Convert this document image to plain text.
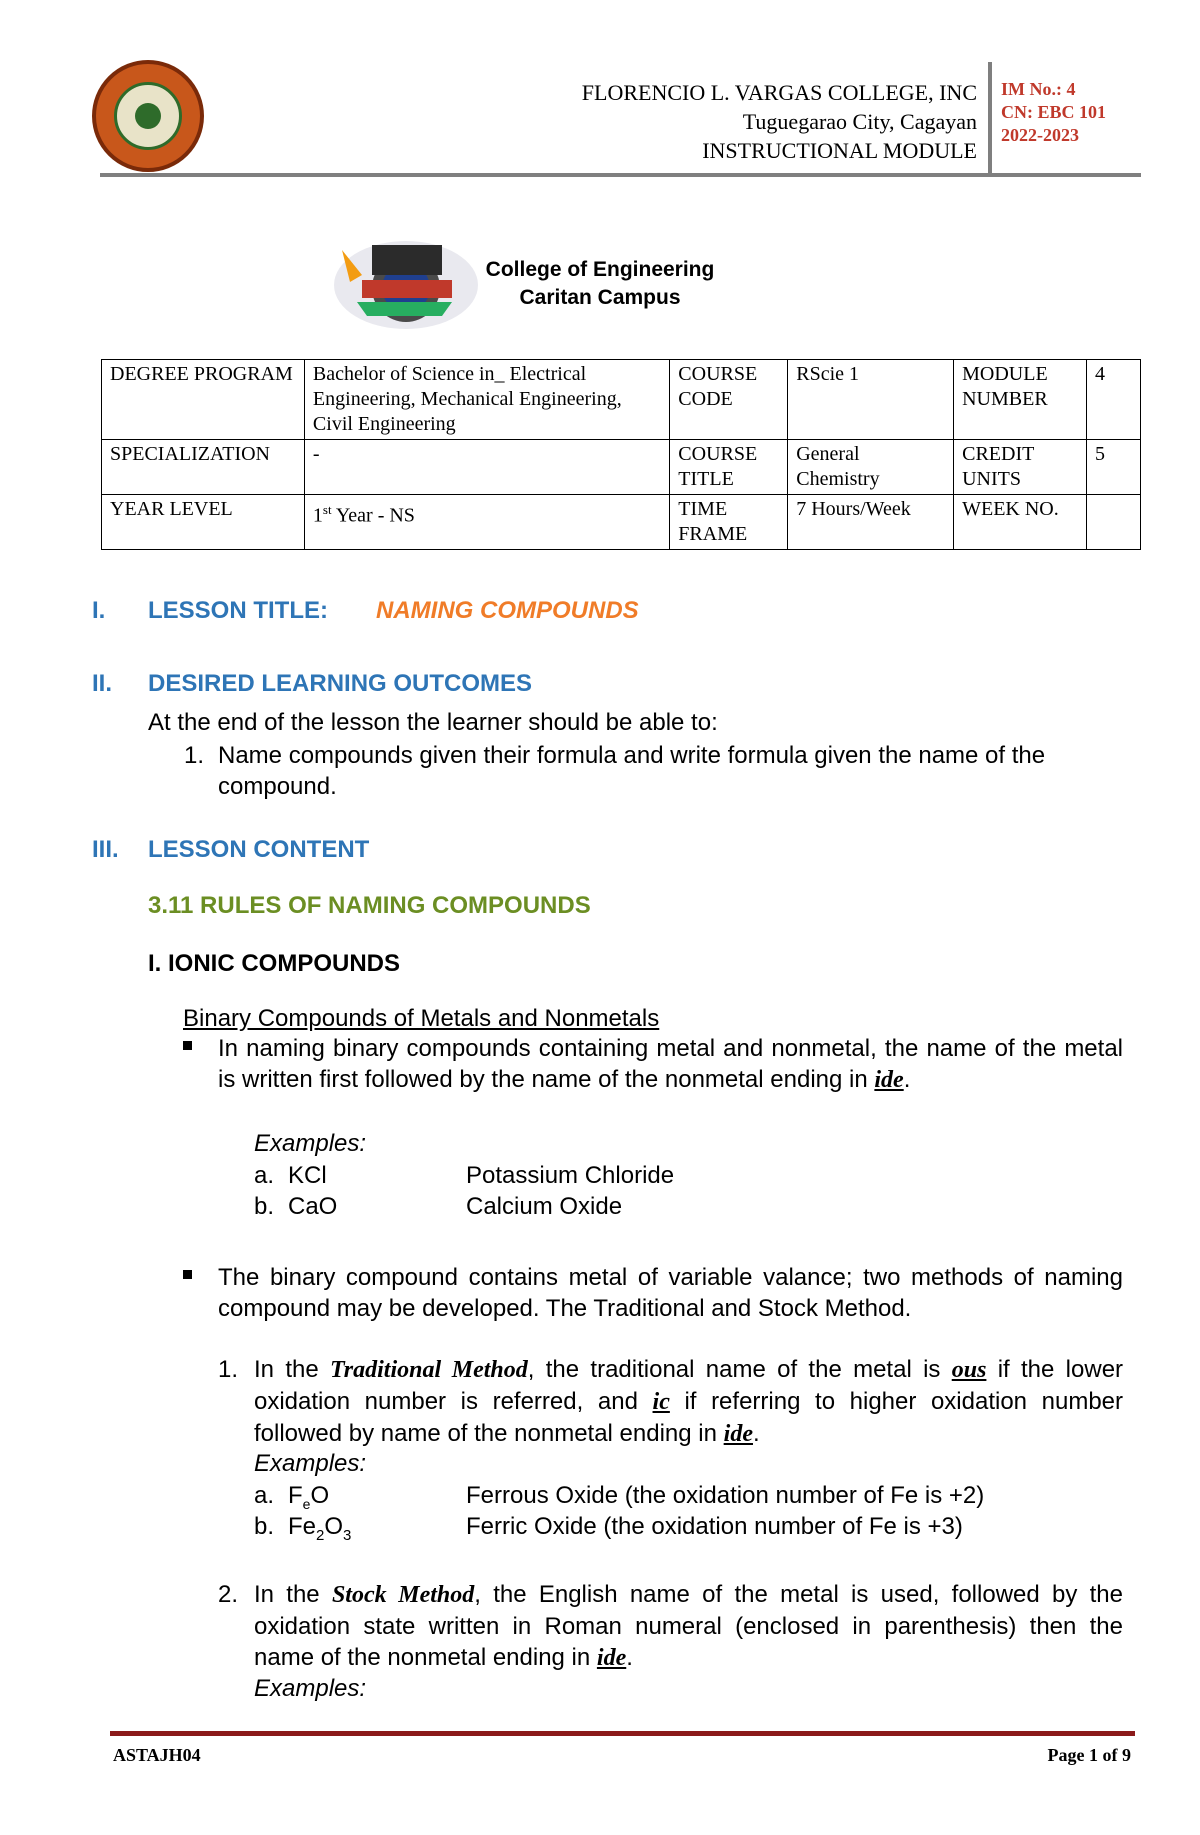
FLORENCIO L. VARGAS COLLEGE, INC
Tuguegarao City, Cagayan
INSTRUCTIONAL MODULE
IM No.: 4
CN: EBC 101
2022-2023
College of Engineering
Caritan Campus
DEGREE PROGRAM	Bachelor of Science in_ Electrical Engineering, Mechanical Engineering, Civil Engineering	COURSE CODE	RScie 1	MODULE NUMBER	4
SPECIALIZATION	-	COURSE TITLE	General Chemistry	CREDIT UNITS	5
YEAR LEVEL	1st Year - NS	TIME FRAME	7 Hours/Week	WEEK NO.	
I. LESSON TITLE: NAMING COMPOUNDS
II. DESIRED LEARNING OUTCOMES
At the end of the lesson the learner should be able to:
1. Name compounds given their formula and write formula given the name of the compound.
III. LESSON CONTENT
3.11 RULES OF NAMING COMPOUNDS
I. IONIC COMPOUNDS
Binary Compounds of Metals and Nonmetals
In naming binary compounds containing metal and nonmetal, the name of the metal is written first followed by the name of the nonmetal ending in ide.
Examples:
a. KCl	Potassium Chloride
b. CaO	Calcium Oxide
The binary compound contains metal of variable valance; two methods of naming compound may be developed. The Traditional and Stock Method.
1. In the Traditional Method, the traditional name of the metal is ous if the lower oxidation number is referred, and ic if referring to higher oxidation number followed by name of the nonmetal ending in ide.
Examples:
a. $F_eO$	Ferrous Oxide (the oxidation number of Fe is +2)
b. $Fe_2O_3$	Ferric Oxide (the oxidation number of Fe is +3)
2. In the Stock Method, the English name of the metal is used, followed by the oxidation state written in Roman numeral (enclosed in parenthesis) then the name of the nonmetal ending in ide.
Examples:
ASTAJH04	Page 1 of 9
